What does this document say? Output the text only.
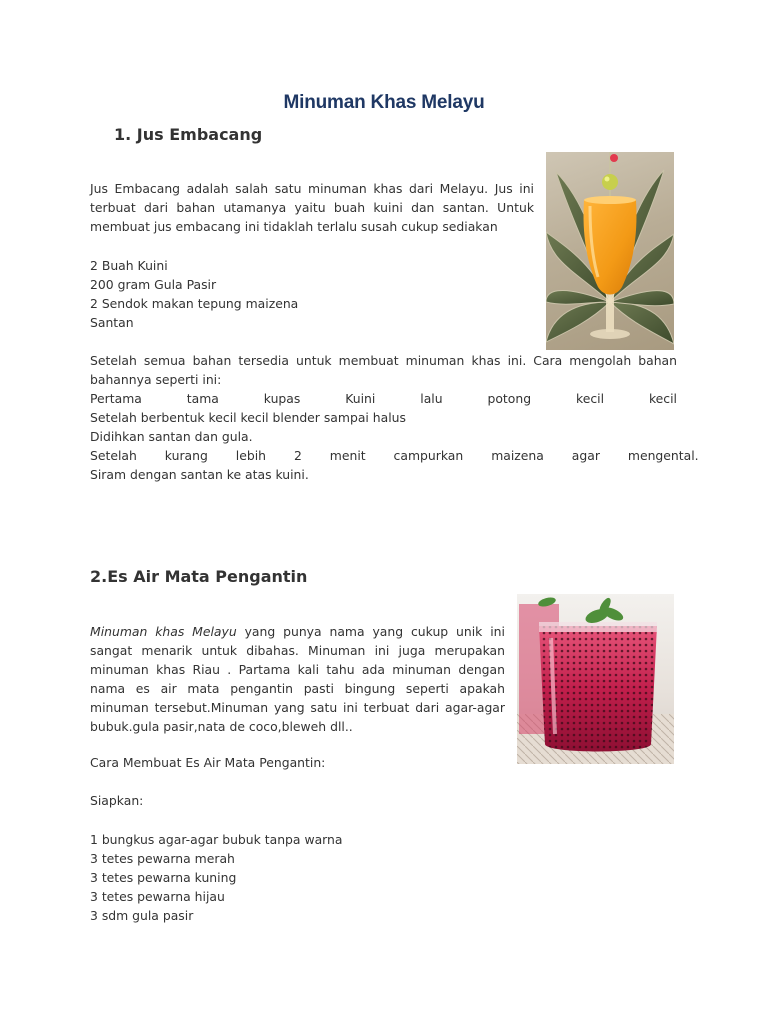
Minuman Khas Melayu
1. Jus Embacang
Jus Embacang adalah salah satu minuman khas dari Melayu. Jus ini
terbuat dari bahan utamanya yaitu buah kuini dan santan. Untuk
membuat jus embacang ini tidaklah terlalu susah cukup sediakan
2 Buah Kuini
200 gram Gula Pasir
2 Sendok makan tepung maizena
Santan
Setelah semua bahan tersedia untuk membuat minuman khas ini. Cara mengolah bahan
bahannya seperti ini:
Pertama tama kupas Kuini lalu potong kecil kecil
Setelah berbentuk kecil kecil blender sampai halus
Didihkan santan dan gula.
Setelah kurang lebih 2 menit campurkan maizena agar mengental.
Siram dengan santan ke atas kuini.
2.Es Air Mata Pengantin
Minuman khas Melayu yang punya nama yang cukup unik ini
sangat menarik untuk dibahas. Minuman ini juga merupakan
minuman khas Riau . Partama kali tahu ada minuman dengan
nama es air mata pengantin pasti bingung seperti apakah
minuman tersebut.Minuman yang satu ini terbuat dari agar-agar
bubuk.gula pasir,nata de coco,bleweh dll..
Cara Membuat Es Air Mata Pengantin:
Siapkan:
1 bungkus agar-agar bubuk tanpa warna
3 tetes pewarna merah
3 tetes pewarna kuning
3 tetes pewarna hijau
3 sdm gula pasir
